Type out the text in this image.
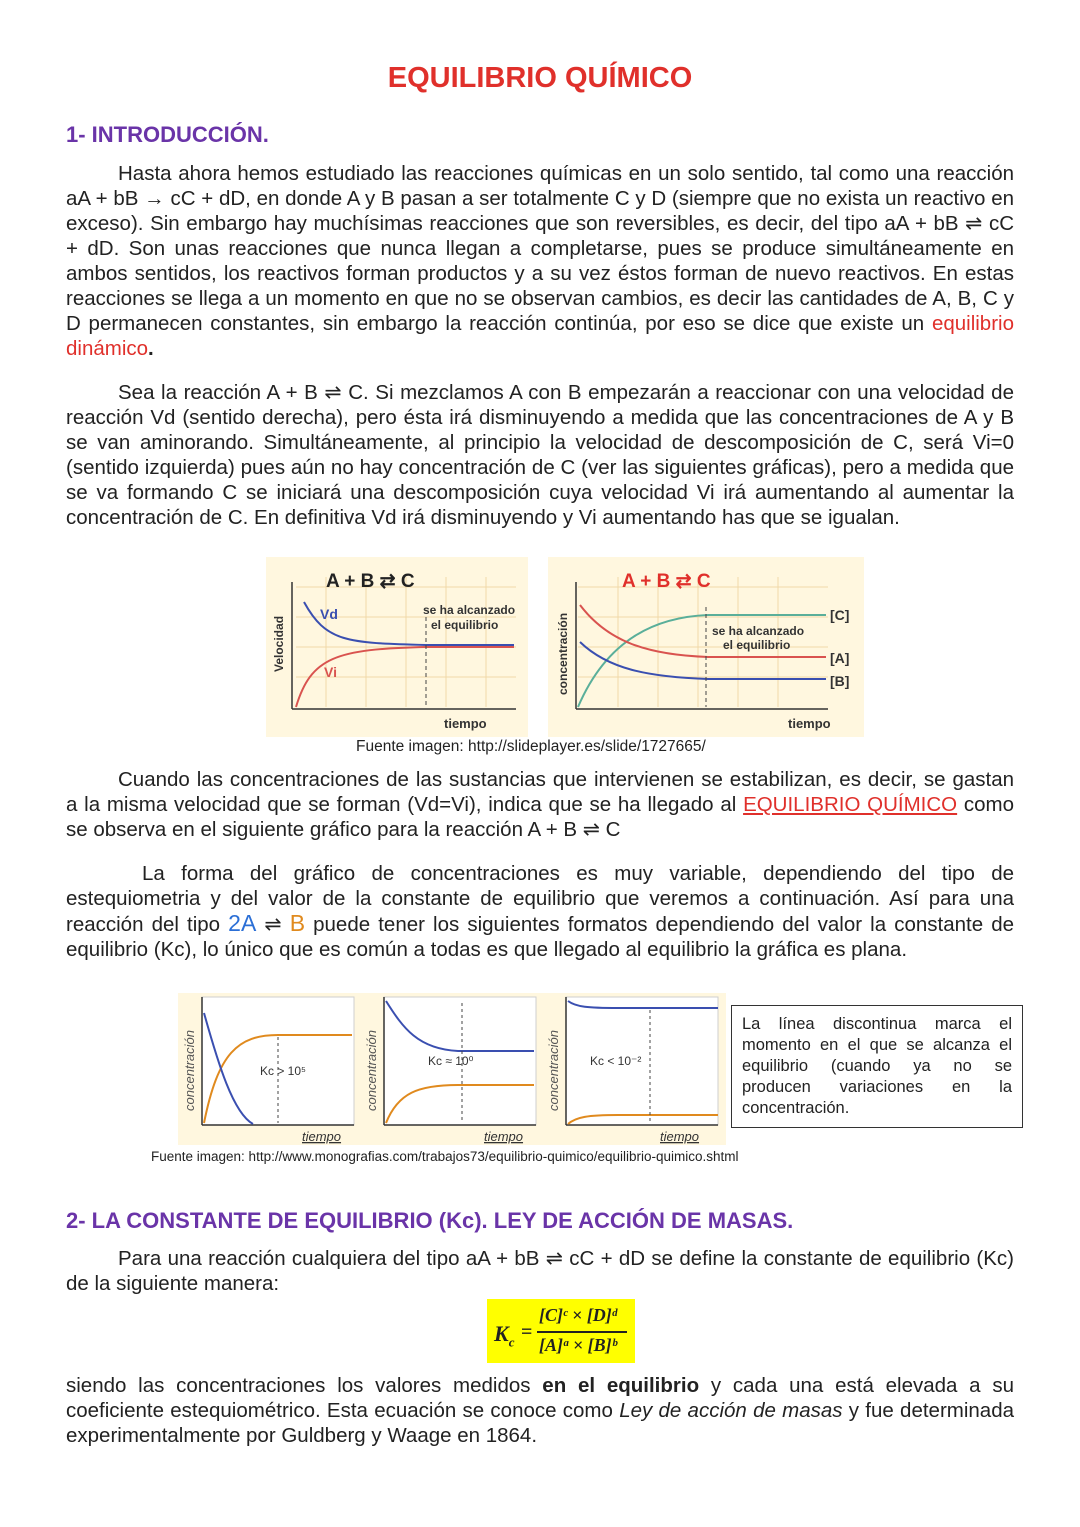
EQUILIBRIO QUÍMICO
1- INTRODUCCIÓN.

Hasta ahora hemos estudiado las reacciones químicas en un solo sentido, tal como una reacción aA + bB → cC + dD, en donde A y B pasan a ser totalmente C y D (siempre que no exista un reactivo en exceso). Sin embargo hay muchísimas reacciones que son reversibles, es decir, del tipo aA + bB ⇌ cC + dD. Son unas reacciones que nunca llegan a completarse, pues se produce simultáneamente en ambos sentidos, los reactivos forman productos y a su vez éstos forman de nuevo reactivos. En estas reacciones se llega a un momento en que no se observan cambios, es decir las cantidades de A, B, C y D permanecen constantes, sin embargo la reacción continúa, por eso se dice que existe un equilibrio dinámico.

Sea la reacción A + B ⇌ C. Si mezclamos A con B empezarán a reaccionar con una velocidad de reacción Vd (sentido derecha), pero ésta irá disminuyendo a medida que las concentraciones de A y B se van aminorando. Simultáneamente, al principio la velocidad de descomposición de C, será Vi=0 (sentido izquierda) pues aún no hay concentración de C (ver las siguientes gráficas), pero a medida que se va formando C se iniciará una descomposición cuya velocidad Vi irá aumentando al aumentar la concentración de C. En definitiva Vd irá disminuyendo y Vi aumentando has que se igualan.

A + B ⇄ C
Velocidad
Vd
Vi
se ha alcanzado
el equilibrio
tiempo
A + B ⇄ C
concentración	se ha alcanzado
el equilibrio
[C]
[A]
[B]
tiempo
Fuente imagen: http://slideplayer.es/slide/1727665/

Cuando las concentraciones de las sustancias que intervienen se estabilizan, es decir, se gastan a la misma velocidad que se forman (Vd=Vi), indica que se ha llegado al EQUILIBRIO QUÍMICO como se observa en el siguiente gráfico para la reacción A + B ⇌ C

La forma del gráfico de concentraciones es muy variable, dependiendo del tipo de estequiometria y del valor de la constante de equilibrio que veremos a continuación. Así para una reacción del tipo 2A ⇌ B puede tener los siguientes formatos dependiendo del valor la constante de equilibrio (Kc), lo único que es común a todas es que llegado al equilibrio la gráfica es plana.

Kc > 10⁵
concentración
tiempo
Kc ≈ 10⁰
concentración
tiempo
Kc < 10⁻²
concentración
tiempo
La línea discontinua marca el momento en el que se alcanza el equilibrio (cuando ya no se producen variaciones en la concentración.
Fuente imagen: http://www.monografias.com/trabajos73/equilibrio-quimico/equilibrio-quimico.shtml
2- LA CONSTANTE DE EQUILIBRIO (Kc). LEY DE ACCIÓN DE MASAS.

Para una reacción cualquiera del tipo aA + bB ⇌ cC + dD se define la constante de equilibrio (Kc) de la siguiente manera:

$K_c$ =
[C]ᶜ × [D]ᵈ
[A]ᵃ × [B]ᵇ

siendo las concentraciones los valores medidos en el equilibrio y cada una está elevada a su coeficiente estequiométrico. Esta ecuación se conoce como Ley de acción de masas y fue determinada experimentalmente por Guldberg y Waage en 1864.
